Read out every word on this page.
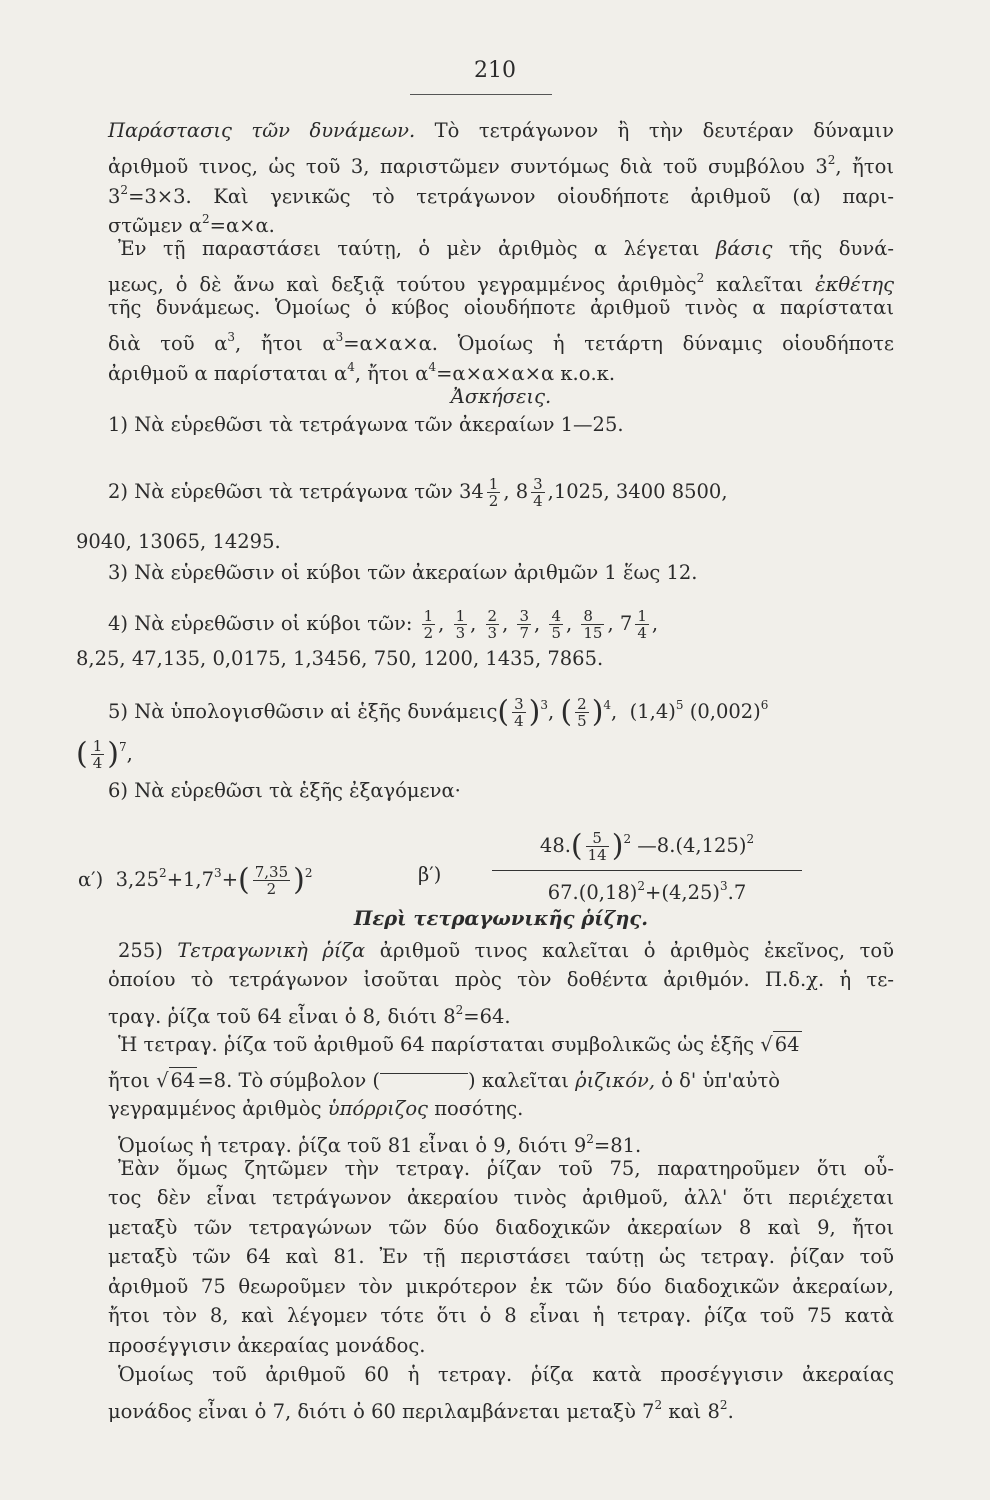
210
Παράστασις τῶν δυνάμεων. Τὸ τετράγωνον ἢ τὴν δευτέραν δύναμιν
ἀριθμοῦ τινος, ὡς τοῦ 3, παριστῶμεν συντόμως διὰ τοῦ συμβόλου $3^2$, ἤτοι
$3^2=3\times 3$. Καὶ γενικῶς τὸ τετράγωνον οἱουδήποτε ἀριθμοῦ (α) παρι-
στῶμεν $\alpha^2=\alpha\times\alpha$.
Ἐν τῇ παραστάσει ταύτῃ, ὁ μὲν ἀριθμὸς α λέγεται βάσις τῆς δυνά-
μεως, ὁ δὲ ἄνω καὶ δεξιᾷ τούτου γεγραμμένος ἀριθμὸς$^2$ καλεῖται ἐκθέτης
τῆς δυνάμεως. Ὁμοίως ὁ κύβος οἱουδήποτε ἀριθμοῦ τινὸς α παρίσταται
διὰ τοῦ $\alpha^3$, ἤτοι $\alpha^3=\alpha\times\alpha\times\alpha$. Ὁμοίως ἡ τετάρτη δύναμις οἱουδήποτε
ἀριθμοῦ α παρίσταται $\alpha^4$, ἤτοι $\alpha^4=\alpha\times\alpha\times\alpha\times\alpha$ κ.ο.κ.
Ἀσκήσεις.
1) Νὰ εὑρεθῶσι τὰ τετράγωνα τῶν ἀκεραίων 1—25.
2) Νὰ εὑρεθῶσι τὰ τετράγωνα τῶν $34 \frac{1}{2}$ , $8 \frac{3}{4} ,1025$, 3400 8500,
9040, 13065, 14295.
3) Νὰ εὑρεθῶσιν οἱ κύβοι τῶν ἀκεραίων ἀριθμῶν 1 ἕως 12.
4) Νὰ εὑρεθῶσιν οἱ κύβοι τῶν: $\frac{1}{2}$ , $\frac{1}{3}$ , $\frac{2}{3}$ , $\frac{3}{7}$ , $\frac{4}{5}$ , $\frac{8}{15}$ , $7 \frac{1}{4}$ ,
8,25, 47,135, 0,0175, 1,3456, 750, 1200, 1435, 7865.
5) Νὰ ὑπολογισθῶσιν αἱ ἑξῆς $\delta\upsilon\nu ά\mu\varepsilon\iota\varsigma( \frac{3}{4} )^3$, ( $\frac{2}{5} )^4$,  $(1,4)^5$ $(0,002)^6$
( $\frac{1}{4} )^7$,
6) Νὰ εὑρεθῶσι τὰ ἑξῆς ἐξαγόμενα·
α′) $3,25^2+1,7^3+( \frac{7,35}{2} )^2$	β′)
$48.( \frac{5}{14} )^2$ $—8.(4,125)^2$
$67.(0,18)^2+(4,25)^3.7$
Περὶ τετραγωνικῆς ῥίζης.
255) Τετραγωνικὴ ῥίζα ἀριθμοῦ τινος καλεῖται ὁ ἀριθμὸς ἐκεῖνος, τοῦ
ὁποίου τὸ τετράγωνον ἰσοῦται πρὸς τὸν δοθέντα ἀριθμόν. Π.δ.χ. ἡ τε-
τραγ. ῥίζα τοῦ 64 εἶναι ὁ 8, διότι $8^2=64$.
Ἡ τετραγ. ῥίζα τοῦ ἀριθμοῦ 64 παρίσταται συμβολικῶς ὡς ἑξῆς √ 64
ἤτοι √ 64 =8. Τὸ σύμβολον (	) καλεῖται ῥιζικόν, ὁ δ' ὑπ'αὐτὸ
γεγραμμένος ἀριθμὸς ὑπόρριζος ποσότης.
Ὁμοίως ἡ τετραγ. ῥίζα τοῦ 81 εἶναι ὁ 9, διότι $9^2=81$.
Ἐὰν ὅμως ζητῶμεν τὴν τετραγ. ῥίζαν τοῦ 75, παρατηροῦμεν ὅτι οὗ-
τος δὲν εἶναι τετράγωνον ἀκεραίου τινὸς ἀριθμοῦ, ἀλλ' ὅτι περιέχεται
μεταξὺ τῶν τετραγώνων τῶν δύο διαδοχικῶν ἀκεραίων 8 καὶ 9, ἤτοι
μεταξὺ τῶν 64 καὶ 81. Ἐν τῇ περιστάσει ταύτῃ ὡς τετραγ. ῥίζαν τοῦ
ἀριθμοῦ 75 θεωροῦμεν τὸν μικρότερον ἐκ τῶν δύο διαδοχικῶν ἀκεραίων,
ἤτοι τὸν 8, καὶ λέγομεν τότε ὅτι ὁ 8 εἶναι ἡ τετραγ. ῥίζα τοῦ 75 κατὰ
προσέγγισιν ἀκεραίας μονάδος.
Ὁμοίως τοῦ ἀριθμοῦ 60 ἡ τετραγ. ῥίζα κατὰ προσέγγισιν ἀκεραίας
μονάδος εἶναι ὁ 7, διότι ὁ 60 περιλαμβάνεται μεταξὺ $7^2$ καὶ $8^2$.
